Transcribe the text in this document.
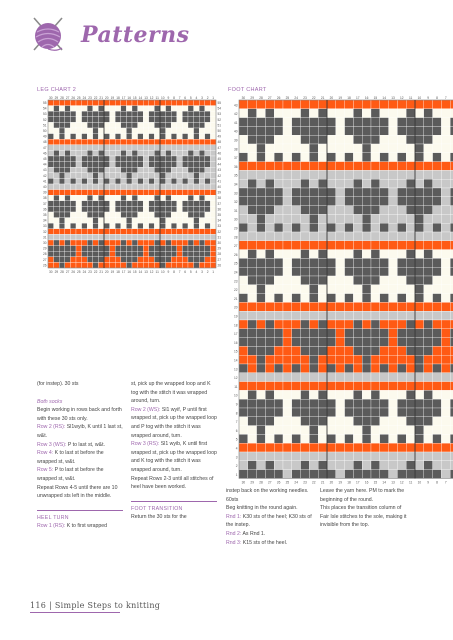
Patterns
LEG CHART 2
30
30
29
29
28
28
27
27
26
26
25
25
24
24
23
23
22
22
21
21
20
20
19
19
18
18
17
17
16
16
15
15
14
14
13
13
12
12
11
11
10
10
9
9
8
8
7
7
6
6
5
5
4
4
3
3
2
2
1
1
55	55
54	54
53	53
52	52
51	51
50	50
49	49
48	48
47	47
46	46
45	45
44	44
43	43
42	42
41	41
40	40
39	39
38	38
37	37
36	36
35	35
34	34
33	33
32	32
31	31
30	30
29	29
28	28
27	27
26	26
FOOT CHART
30
30
29
29
28
28
27
27
26
26
25
25
24
24
23
23
22
22
21
21
20
20
19
19
18
18
17
17
16
16
15
15
14
14
13
13
12
12
11
11
10
10
9
9
8
8
7
7
43
42
41
40
39
38
37
36
35
34
33
32
31
30
29
28
27
26
25
24
23
22
21
20
19
18
17
16
15
14
13
12
11
10
9
8
7
6
5
4
3
2
1

(for instep). 30 sts

Both socks

Begin working in rows back and forth with these 30 sts only.

Row 2 (RS): Sl1wyib, K until 1 last st, w&t.

Row 3 (WS): P to last st, w&t.

Row 4: K to last st before the wrapped st, w&t.

Row 5: P to last st before the wrapped st, w&t.

Repeat Rows 4-5 until there are 10 unwrapped sts left in the middle.

HEEL TURN

Row 1 (RS): K to first wrapped

st, pick up the wrapped loop and K tog with the stitch it was wrapped around, turn.

Row 2 (WS): Sl1 wyif, P until first wrapped st, pick up the wrapped loop and P tog with the stitch it was wrapped around, turn.

Row 3 (RS): Sl1 wyib, K until first wrapped st, pick up the wrapped loop and K tog with the stitch it was wrapped around, turn.

Repeat Rows 2-3 until all stitches of heel have been worked.

FOOT TRANSITION

Return the 30 sts for the

instep back on the working needles. 60sts

Beg knitting in the round again.

Rnd 1: K30 sts of the heel; K30 sts of the instep.

Rnd 2: As Rnd 1.

Rnd 3: K15 sts of the heel.

Leave the yarn here. PM to mark the beginning of the round.

This places the transition column of Fair Isle stitches to the sole, making it invisible from the top.

116 | Simple Steps to knitting
